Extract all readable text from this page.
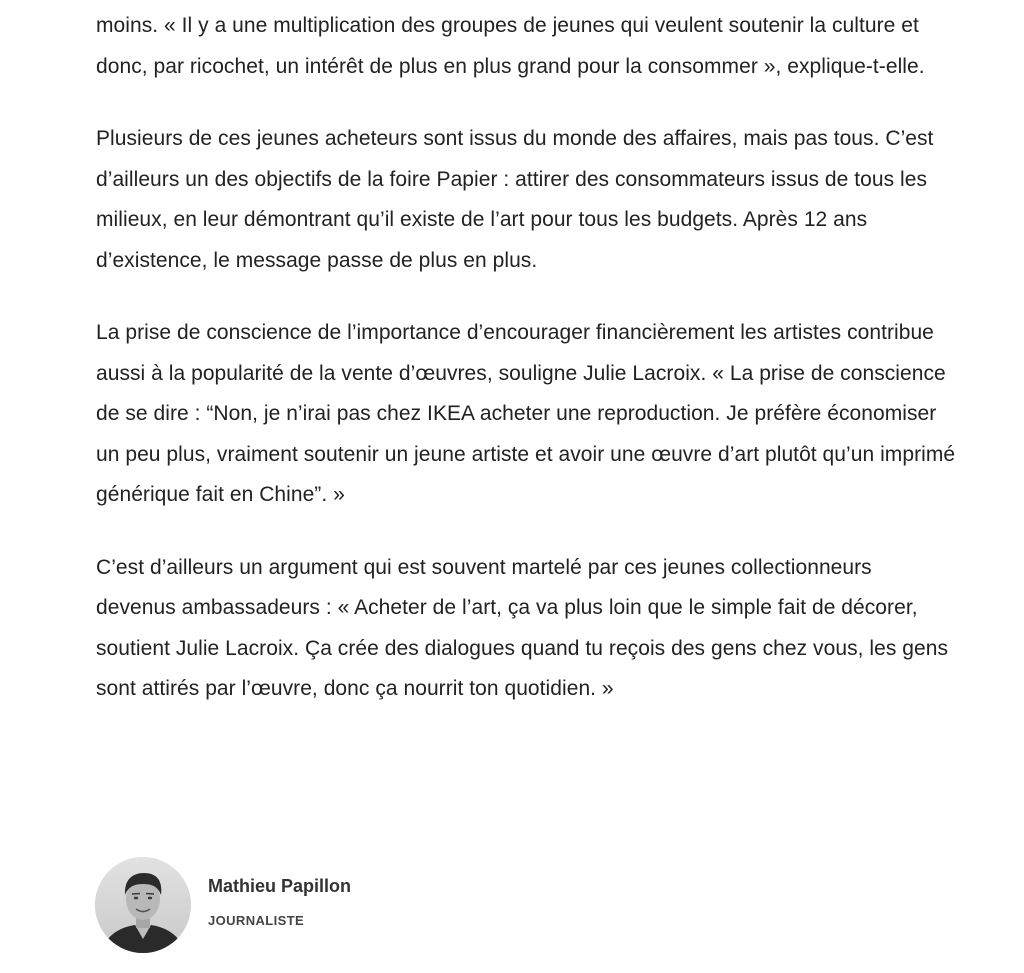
moins. « Il y a une multiplication des groupes de jeunes qui veulent soutenir la culture et donc, par ricochet, un intérêt de plus en plus grand pour la consommer », explique-t-elle.

Plusieurs de ces jeunes acheteurs sont issus du monde des affaires, mais pas tous. C’est d’ailleurs un des objectifs de la foire Papier : attirer des consommateurs issus de tous les milieux, en leur démontrant qu’il existe de l’art pour tous les budgets. Après 12 ans d’existence, le message passe de plus en plus.

La prise de conscience de l’importance d’encourager financièrement les artistes contribue aussi à la popularité de la vente d’œuvres, souligne Julie Lacroix. « La prise de conscience de se dire : “Non, je n’irai pas chez IKEA acheter une reproduction. Je préfère économiser un peu plus, vraiment soutenir un jeune artiste et avoir une œuvre d’art plutôt qu’un imprimé générique fait en Chine”. »

C’est d’ailleurs un argument qui est souvent martelé par ces jeunes collectionneurs devenus ambassadeurs : « Acheter de l’art, ça va plus loin que le simple fait de décorer, soutient Julie Lacroix. Ça crée des dialogues quand tu reçois des gens chez vous, les gens sont attirés par l’œuvre, donc ça nourrit ton quotidien. »

Mathieu Papillon
JOURNALISTE
